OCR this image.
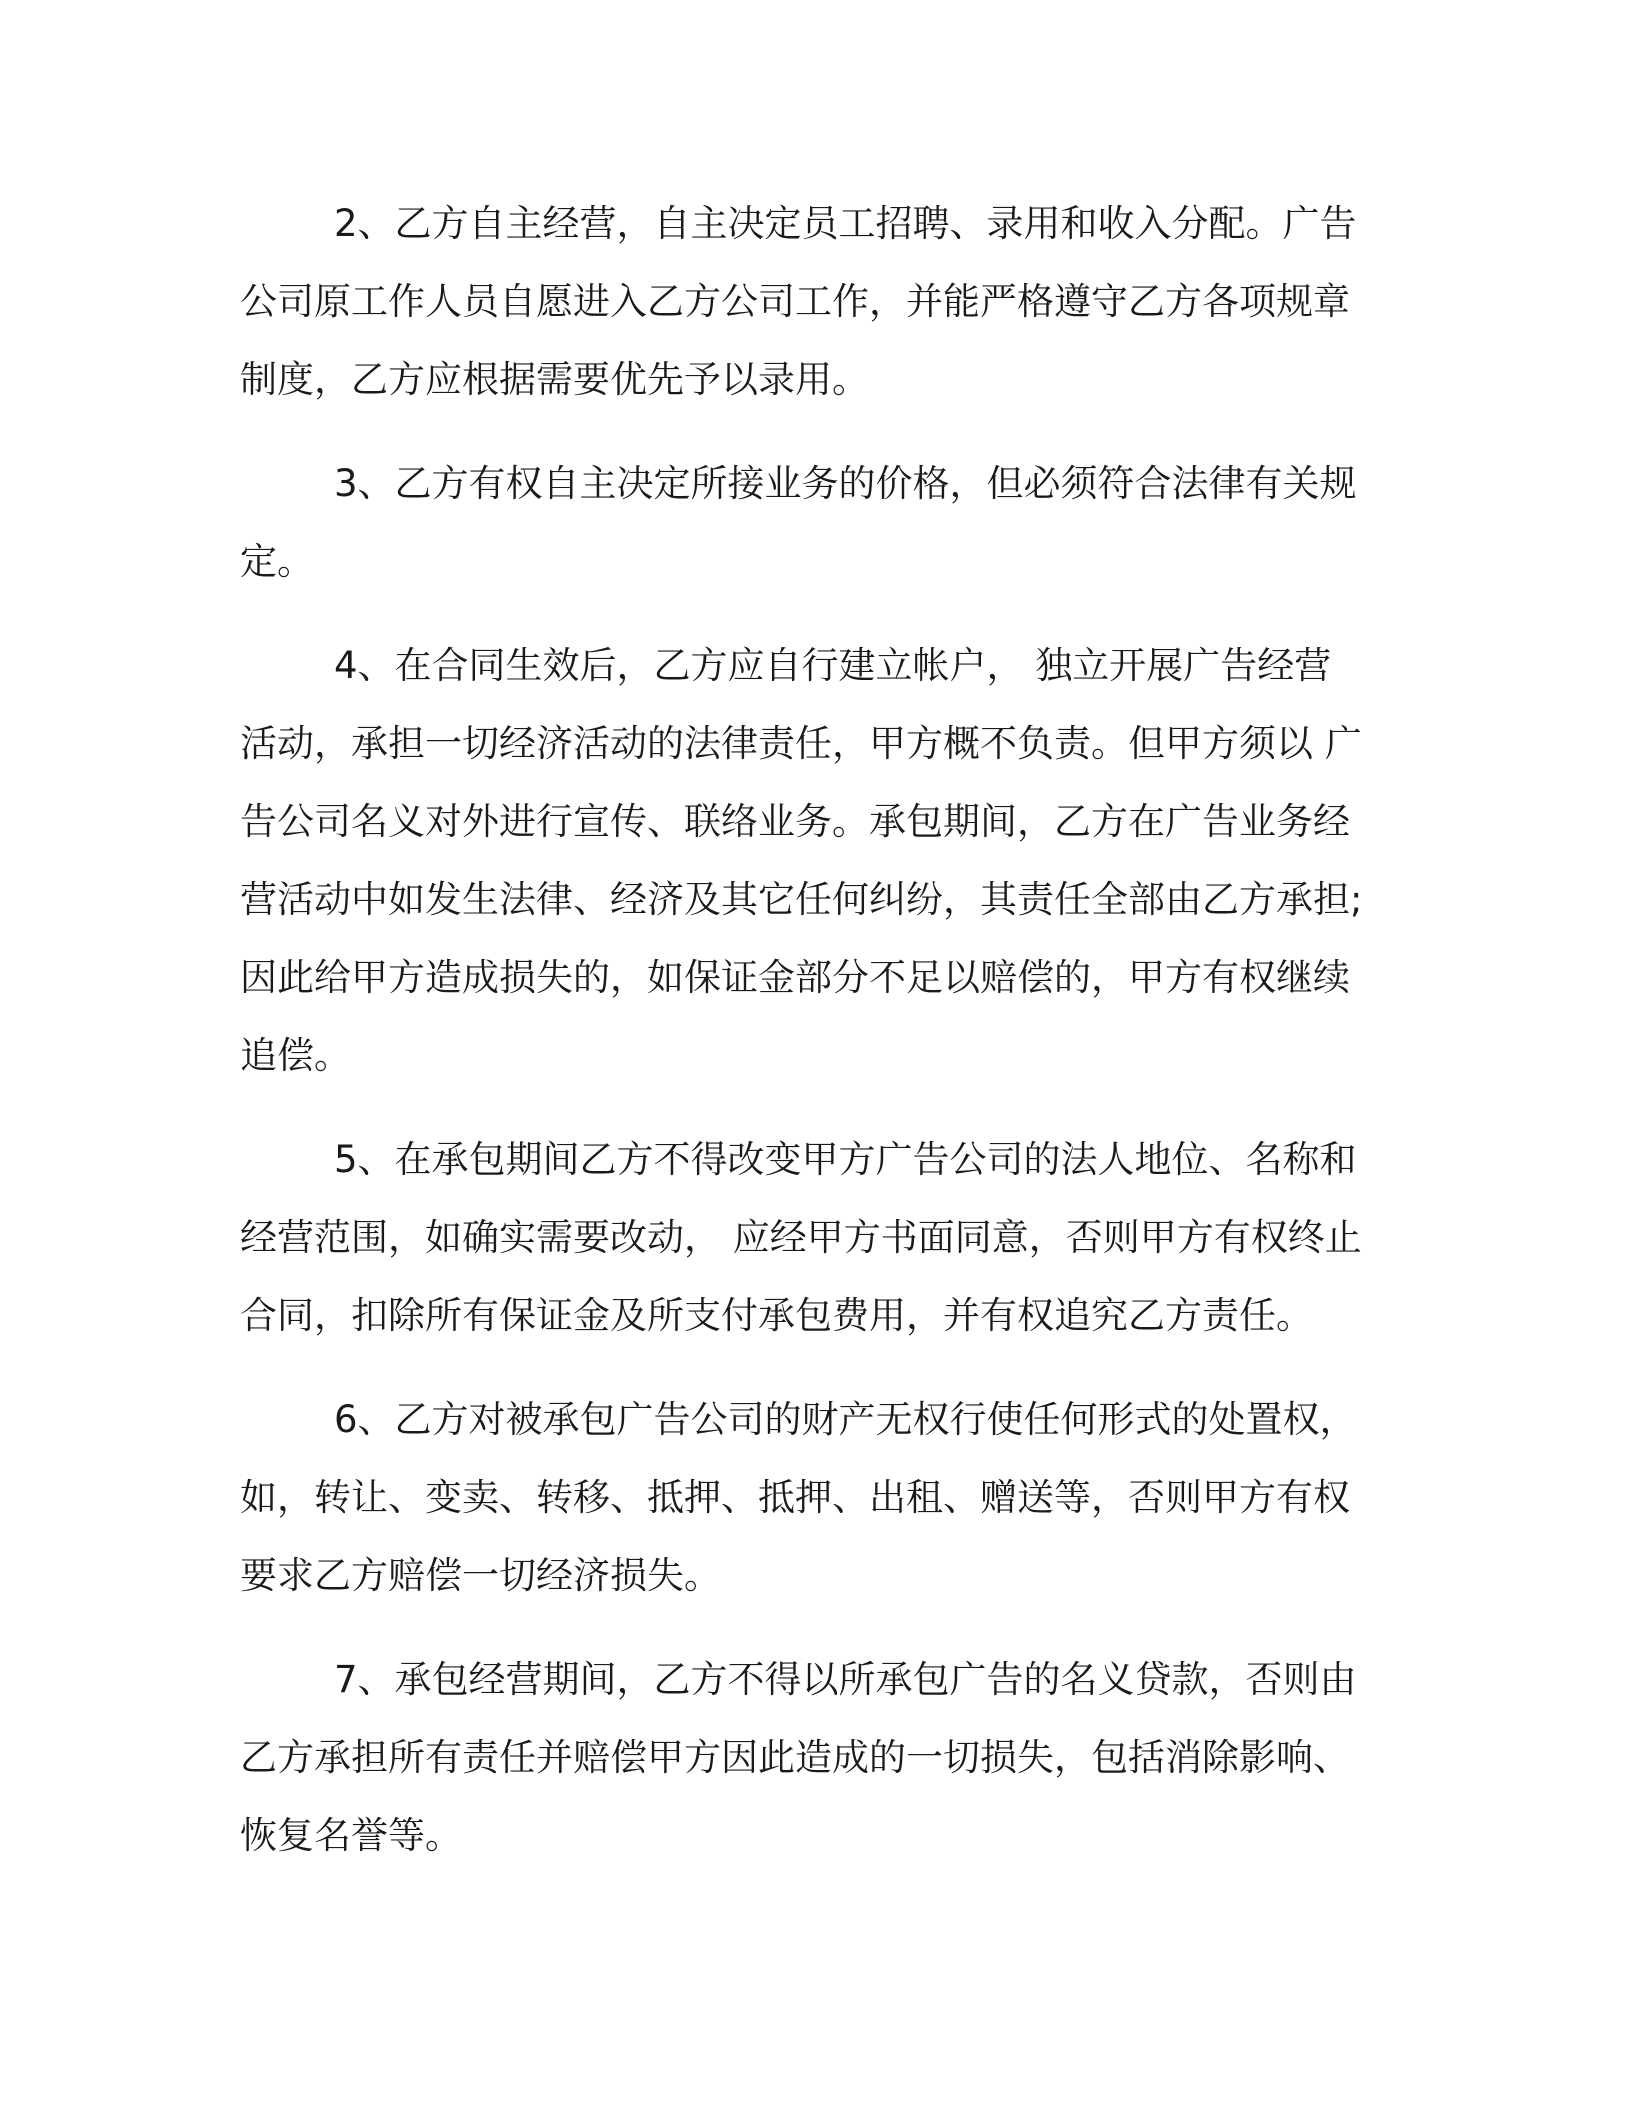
2、乙方自主经营，自主决定员工招聘、录用和收入分配。广告公司原工作人员自愿进入乙方公司工作，并能严格遵守乙方各项规章制度，乙方应根据需要优先予以录用。

3、乙方有权自主决定所接业务的价格，但必须符合法律有关规定。

4、在合同生效后，乙方应自行建立帐户， 独立开展广告经营活动，承担一切经济活动的法律责任，甲方概不负责。但甲方须以 广告公司名义对外进行宣传、联络业务。承包期间，乙方在广告业务经营活动中如发生法律、经济及其它任何纠纷，其责任全部由乙方承担;因此给甲方造成损失的，如保证金部分不足以赔偿的，甲方有权继续追偿。

5、在承包期间乙方不得改变甲方广告公司的法人地位、名称和经营范围，如确实需要改动， 应经甲方书面同意，否则甲方有权终止合同，扣除所有保证金及所支付承包费用，并有权追究乙方责任。

6、乙方对被承包广告公司的财产无权行使任何形式的处置权，如，转让、变卖、转移、抵押、抵押、出租、赠送等，否则甲方有权要求乙方赔偿一切经济损失。

7、承包经营期间，乙方不得以所承包广告的名义贷款，否则由乙方承担所有责任并赔偿甲方因此造成的一切损失，包括消除影响、恢复名誉等。
